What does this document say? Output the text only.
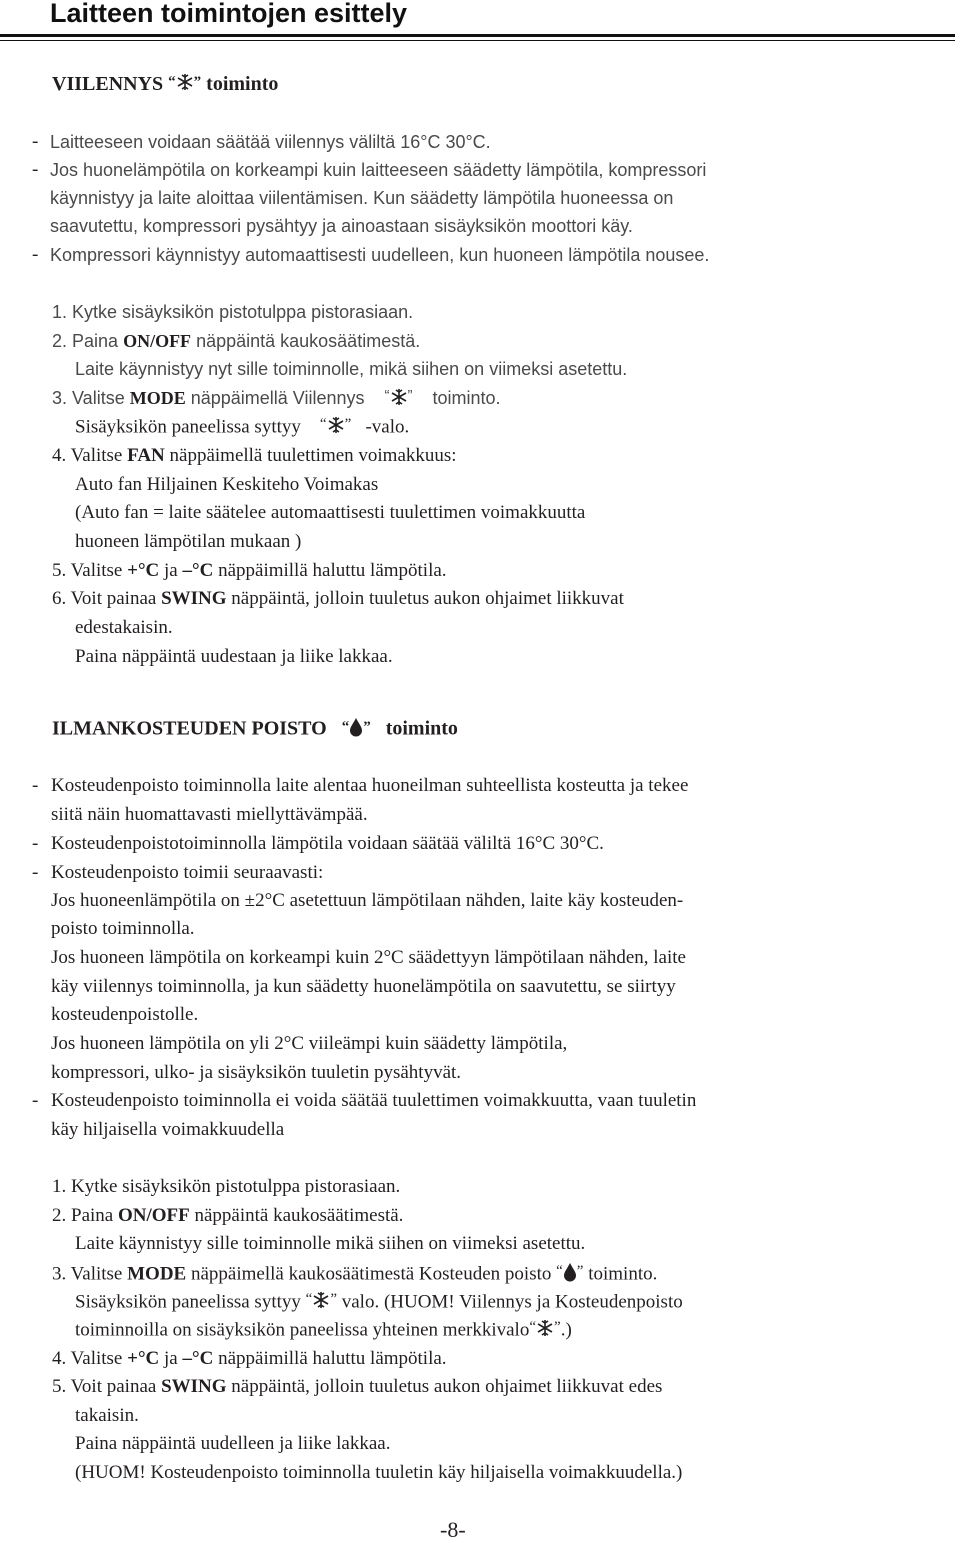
Laitteen toimintojen esittely
VIILENNYS “ ” toiminto
- Laitteeseen voidaan säätää viilennys väliltä 16°C 30°C.
- Jos huonelämpötila on korkeampi kuin laitteeseen säädetty lämpötila, kompressori
käynnistyy ja laite aloittaa viilentämisen. Kun säädetty lämpötila huoneessa on
saavutettu, kompressori pysähtyy ja ainoastaan sisäyksikön moottori käy.
- Kompressori käynnistyy automaattisesti uudelleen, kun huoneen lämpötila nousee.
1. Kytke sisäyksikön pistotulppa pistorasiaan.
2. Paina ON/OFF näppäintä kaukosäätimestä.
Laite käynnistyy nyt sille toiminnolle, mikä siihen on viimeksi asetettu.
3. Valitse MODE näppäimellä Viilennys “ ” toiminto.
Sisäyksikön paneelissa syttyy “ ” -valo.
4. Valitse FAN näppäimellä tuulettimen voimakkuus:
Auto fan Hiljainen Keskiteho Voimakas
(Auto fan = laite säätelee automaattisesti tuulettimen voimakkuutta
huoneen lämpötilan mukaan )
5. Valitse +°C ja –°C näppäimillä haluttu lämpötila.
6. Voit painaa SWING näppäintä, jolloin tuuletus aukon ohjaimet liikkuvat
edestakaisin.
Paina näppäintä uudestaan ja liike lakkaa.
ILMANKOSTEUDEN POISTO “ ” toiminto
- Kosteudenpoisto toiminnolla laite alentaa huoneilman suhteellista kosteutta ja tekee
siitä näin huomattavasti miellyttävämpää.
- Kosteudenpoistotoiminnolla lämpötila voidaan säätää väliltä 16°C 30°C.
- Kosteudenpoisto toimii seuraavasti:
Jos huoneenlämpötila on ±2°C asetettuun lämpötilaan nähden, laite käy kosteuden-
poisto toiminnolla.
Jos huoneen lämpötila on korkeampi kuin 2°C säädettyyn lämpötilaan nähden, laite
käy viilennys toiminnolla, ja kun säädetty huonelämpötila on saavutettu, se siirtyy
kosteudenpoistolle.
Jos huoneen lämpötila on yli 2°C viileämpi kuin säädetty lämpötila,
kompressori, ulko- ja sisäyksikön tuuletin pysähtyvät.
- Kosteudenpoisto toiminnolla ei voida säätää tuulettimen voimakkuutta, vaan tuuletin
käy hiljaisella voimakkuudella
1. Kytke sisäyksikön pistotulppa pistorasiaan.
2. Paina ON/OFF näppäintä kaukosäätimestä.
Laite käynnistyy sille toiminnolle mikä siihen on viimeksi asetettu.
3. Valitse MODE näppäimellä kaukosäätimestä Kosteuden poisto “ ” toiminto.
Sisäyksikön paneelissa syttyy “ ” valo. (HUOM! Viilennys ja Kosteudenpoisto
toiminnoilla on sisäyksikön paneelissa yhteinen merkkivalo“ ”.)
4. Valitse +°C ja –°C näppäimillä haluttu lämpötila.
5. Voit painaa SWING näppäintä, jolloin tuuletus aukon ohjaimet liikkuvat edes
takaisin.
Paina näppäintä uudelleen ja liike lakkaa.
(HUOM! Kosteudenpoisto toiminnolla tuuletin käy hiljaisella voimakkuudella.)
-8-
